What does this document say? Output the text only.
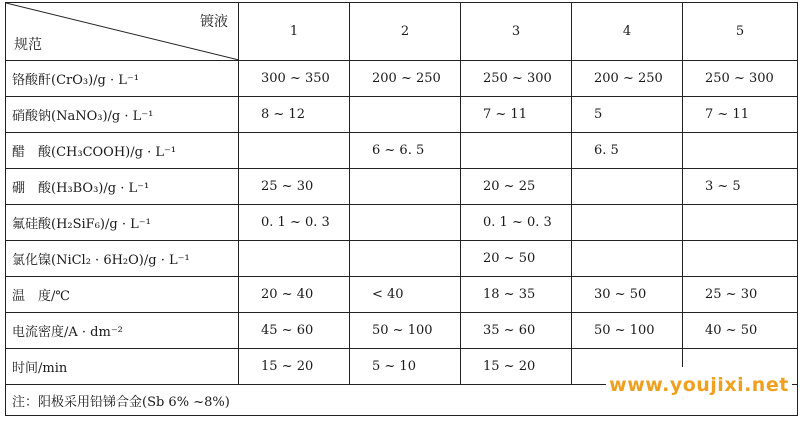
镀液
规范	1	2	3	4	5
铬酸酐(CrO₃)/g · L⁻¹	300 ~ 350	200 ~ 250	250 ~ 300	200 ~ 250	250 ~ 300
硝酸钠(NaNO₃)/g · L⁻¹	8 ~ 12		7 ~ 11	5	7 ~ 11
醋　酸(CH₃COOH)/g · L⁻¹		6 ~ 6. 5		6. 5	
硼　酸(H₃BO₃)/g · L⁻¹	25 ~ 30		20 ~ 25		3 ~ 5
氟硅酸(H₂SiF₆)/g · L⁻¹	0. 1 ~ 0. 3		0. 1 ~ 0. 3		
氯化镍(NiCl₂ · 6H₂O)/g · L⁻¹			20 ~ 50		
温　度/℃	20 ~ 40	< 40	18 ~ 35	30 ~ 50	25 ~ 30
电流密度/A · dm⁻²	45 ~ 60	50 ~ 100	35 ~ 60	50 ~ 100	40 ~ 50
时间/min	15 ~ 20	5 ~ 10	15 ~ 20		
注：阳极采用铅锑合金(Sb 6% ~8%)					
www.youjixi.net
